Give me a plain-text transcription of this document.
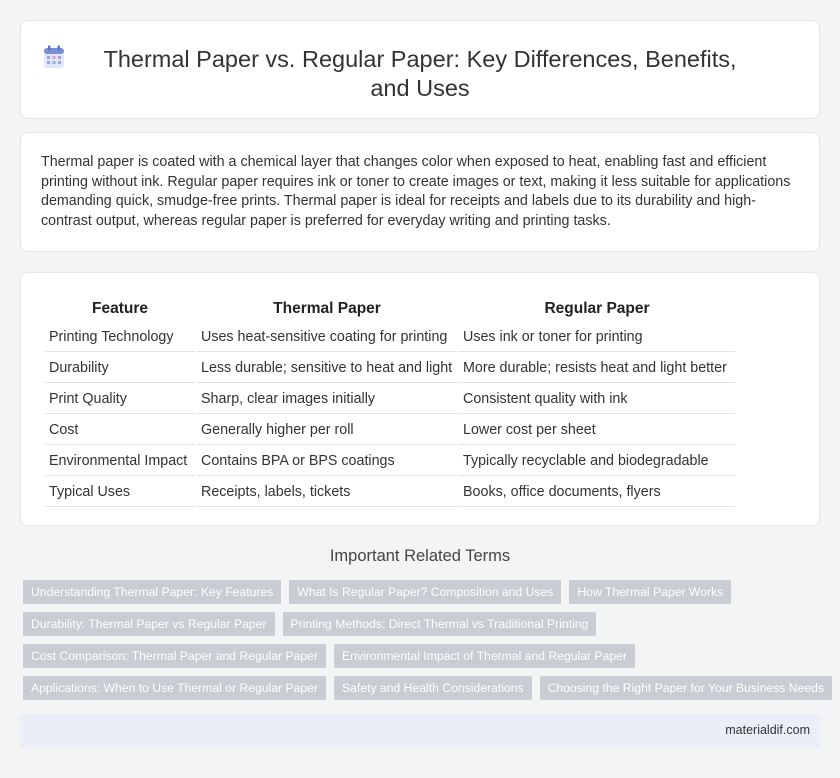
Thermal Paper vs. Regular Paper: Key Differences, Benefits, and Uses

Thermal paper is coated with a chemical layer that changes color when exposed to heat, enabling fast and efficient printing without ink. Regular paper requires ink or toner to create images or text, making it less suitable for applications demanding quick, smudge-free prints. Thermal paper is ideal for receipts and labels due to its durability and high-contrast output, whereas regular paper is preferred for everyday writing and printing tasks.

Feature	Thermal Paper	Regular Paper
Printing Technology	Uses heat-sensitive coating for printing	Uses ink or toner for printing
Durability	Less durable; sensitive to heat and light	More durable; resists heat and light better
Print Quality	Sharp, clear images initially	Consistent quality with ink
Cost	Generally higher per roll	Lower cost per sheet
Environmental Impact	Contains BPA or BPS coatings	Typically recyclable and biodegradable
Typical Uses	Receipts, labels, tickets	Books, office documents, flyers
Important Related Terms
Understanding Thermal Paper: Key Features	What Is Regular Paper? Composition and Uses	How Thermal Paper Works
Durability: Thermal Paper vs Regular Paper	Printing Methods: Direct Thermal vs Traditional Printing
Cost Comparison: Thermal Paper and Regular Paper	Environmental Impact of Thermal and Regular Paper
Applications: When to Use Thermal or Regular Paper	Safety and Health Considerations	Choosing the Right Paper for Your Business Needs
materialdif.com
